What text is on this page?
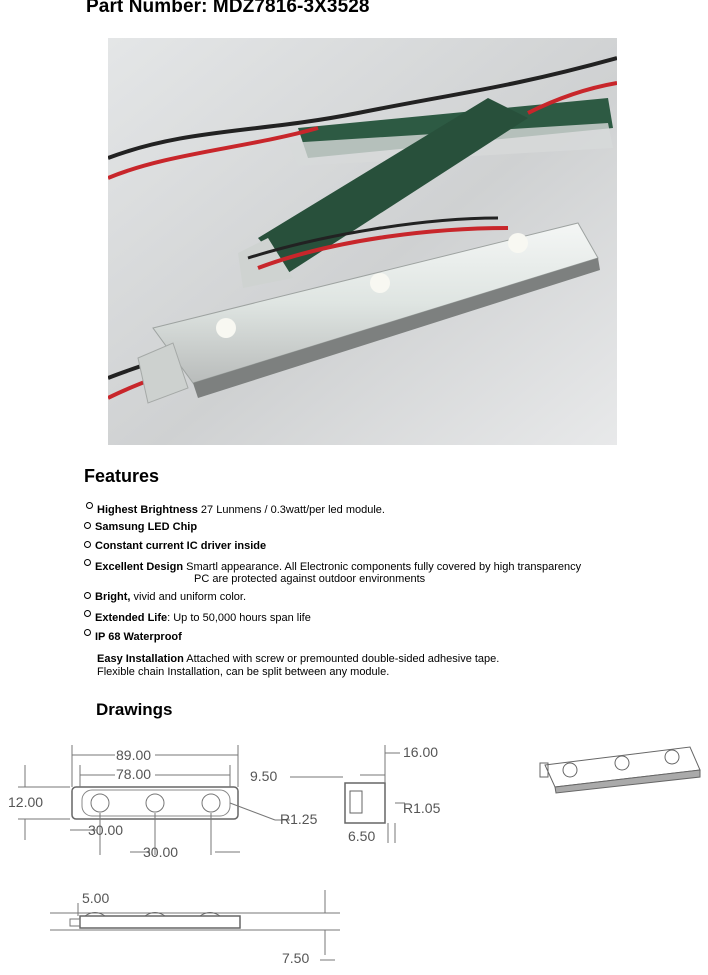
Part Number: MDZ7816-3X3528
Features
Highest Brightness 27 Lunmens / 0.3watt/per led module.
Samsung LED Chip
Constant current IC driver inside
Excellent Design Smartl appearance. All Electronic components fully covered by high transparency
PC are protected against outdoor environments
Bright, vivid and uniform color.
Extended Life: Up to 50,000 hours span life
IP 68 Waterproof
Easy Installation Attached with screw or premounted double-sided adhesive tape.
Flexible chain Installation, can be split between any module.
Drawings
89.00
78.00
12.00
30.00
30.00
9.50
R1.25
16.00
R1.05
6.50
5.00
7.50
